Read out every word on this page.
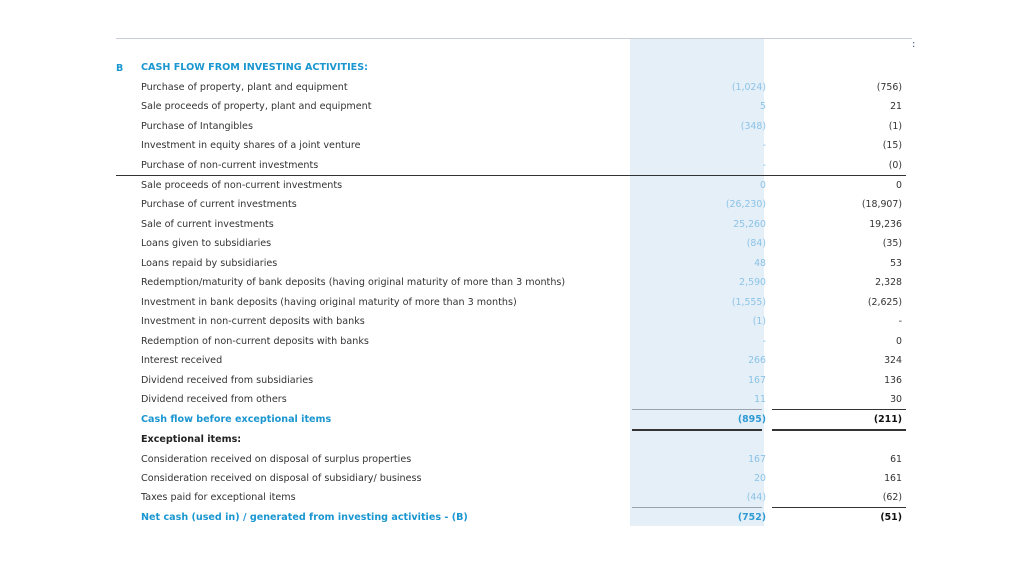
:
B CASH FLOW FROM INVESTING ACTIVITIES:
Purchase of property, plant and equipment	(1,024)	(756)
Sale proceeds of property, plant and equipment	5	21
Purchase of Intangibles	(348)	(1)
Investment in equity shares of a joint venture	-	(15)
Purchase of non-current investments	-	(0)
Sale proceeds of non-current investments	0	0
Purchase of current investments	(26,230)	(18,907)
Sale of current investments	25,260	19,236
Loans given to subsidiaries	(84)	(35)
Loans repaid by subsidiaries	48	53
Redemption/maturity of bank deposits (having original maturity of more than 3 months)	2,590	2,328
Investment in bank deposits (having original maturity of more than 3 months)	(1,555)	(2,625)
Investment in non-current deposits with banks	(1)	-
Redemption of non-current deposits with banks	-	0
Interest received	266	324
Dividend received from subsidiaries	167	136
Dividend received from others	11	30
Cash flow before exceptional items	(895)	(211)
Exceptional items:
Consideration received on disposal of surplus properties	167	61
Consideration received on disposal of subsidiary/ business	20	161
Taxes paid for exceptional items	(44)	(62)
Net cash (used in) / generated from investing activities - (B)	(752)	(51)
